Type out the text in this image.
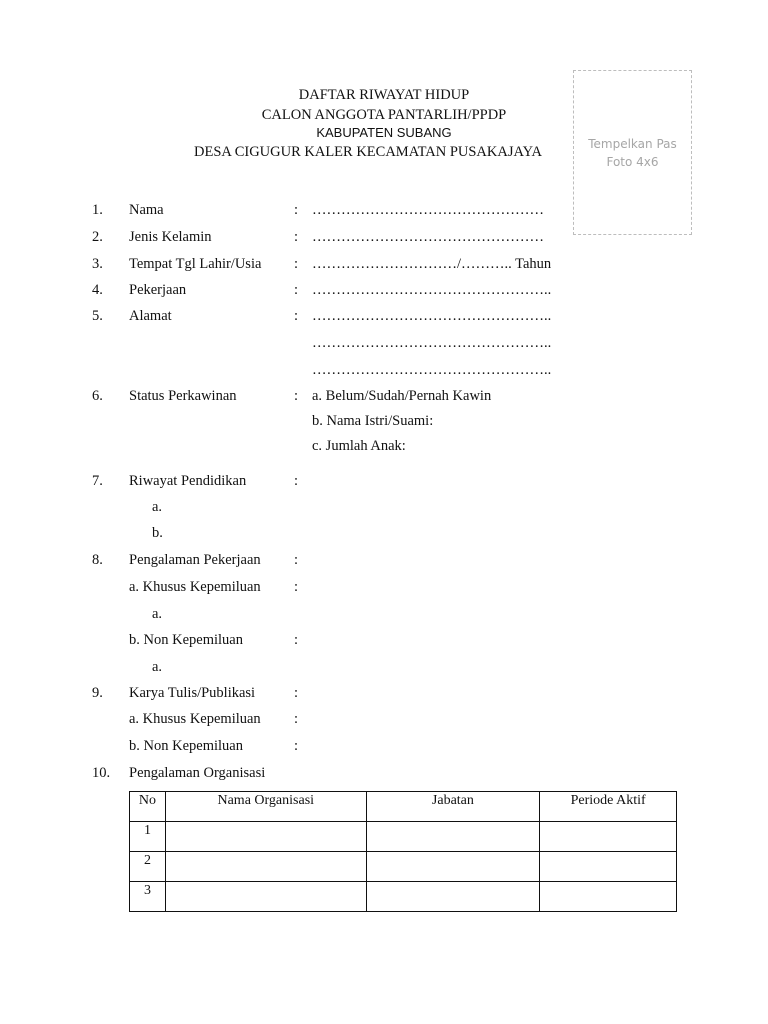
DAFTAR RIWAYAT HIDUP
CALON ANGGOTA PANTARLIH/PPDP
KABUPATEN SUBANG
DESA CIGUGUR KALER KECAMATAN PUSAKAJAYA	Tempelkan Pas
Foto 4x6
1. Nama	: …………………………………………
2. Jenis Kelamin	: …………………………………………
3. Tempat Tgl Lahir/Usia : …………………………/……….. Tahun
4. Pekerjaan	: …………………………………………..
5. Alamat	: …………………………………………..
…………………………………………..
…………………………………………..
6. Status Perkawinan	: a. Belum/Sudah/Pernah Kawin
b. Nama Istri/Suami:
c. Jumlah Anak:
7. Riwayat Pendidikan	:
a.
b.
8. Pengalaman Pekerjaan :
a. Khusus Kepemiluan :
a.
b. Non Kepemiluan	:
a.
9. Karya Tulis/Publikasi	:
a. Khusus Kepemiluan :
b. Non Kepemiluan	:
10. Pengalaman Organisasi
No	Nama Organisasi	Jabatan	Periode Aktif
1			
2			
3			
